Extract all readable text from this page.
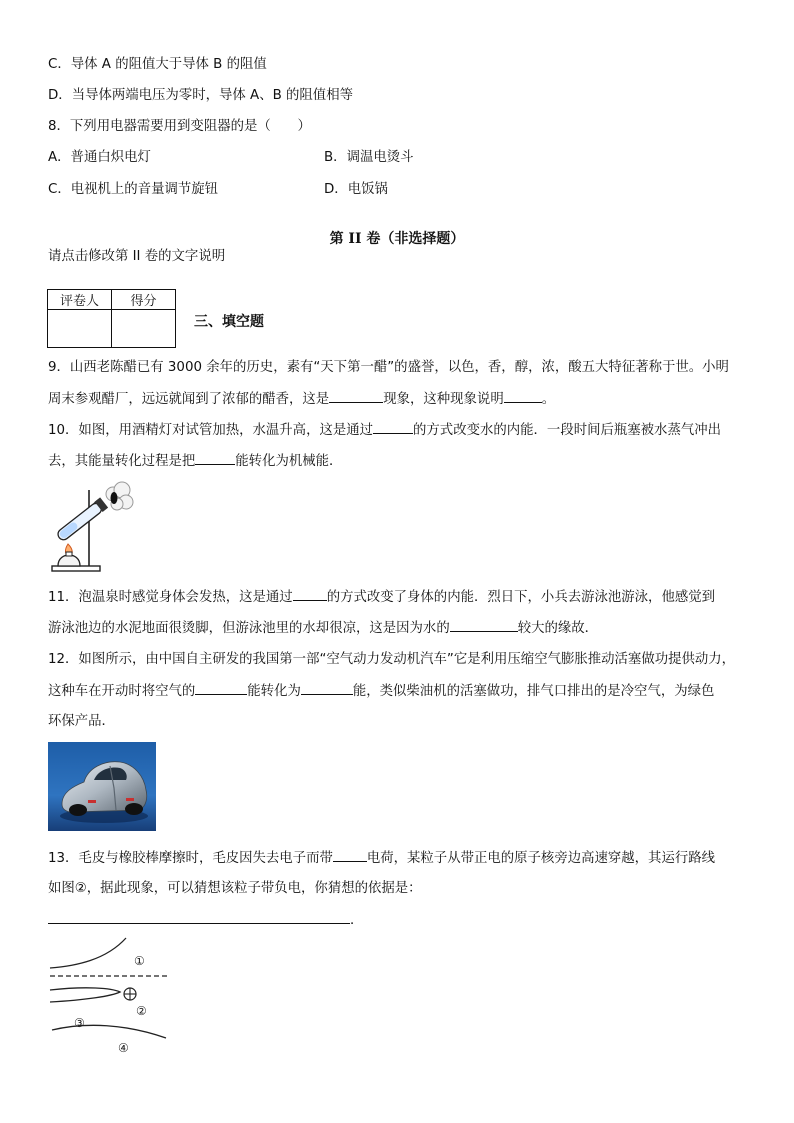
C．导体 A 的阻值大于导体 B 的阻值
D．当导体两端电压为零时，导体 A、B 的阻值相等
8．下列用电器需要用到变阻器的是（　　）
A．普通白炽电灯	B．调温电烫斗
C．电视机上的音量调节旋钮	D．电饭锅
第 II 卷（非选择题）
请点击修改第 II 卷的文字说明
评卷人	得分

三、填空题
9．山西老陈醋已有 3000 余年的历史，素有“天下第一醋”的盛誉，以色，香，醇，浓，酸五大特征著称于世。小明
周末参观醋厂，远远就闻到了浓郁的醋香，这是	现象，这种现象说明	。
10．如图，用酒精灯对试管加热，水温升高，这是通过	的方式改变水的内能．一段时间后瓶塞被水蒸气冲出
去，其能量转化过程是把	能转化为机械能．
11．泡温泉时感觉身体会发热，这是通过	的方式改变了身体的内能．烈日下，小兵去游泳池游泳，他感觉到
游泳池边的水泥地面很烫脚，但游泳池里的水却很凉，这是因为水的	较大的缘故．
12．如图所示，由中国自主研发的我国第一部“空气动力发动机汽车”它是利用压缩空气膨胀推动活塞做功提供动力，
这种车在开动时将空气的	能转化为	能，类似柴油机的活塞做功，排气口排出的是冷空气，为绿色
环保产品．
13．毛皮与橡胶棒摩擦时，毛皮因失去电子而带	电荷，某粒子从带正电的原子核旁边高速穿越，其运行路线
如图②，据此现象，可以猜想该粒子带负电，你猜想的依据是：
．
①
②
③
④
